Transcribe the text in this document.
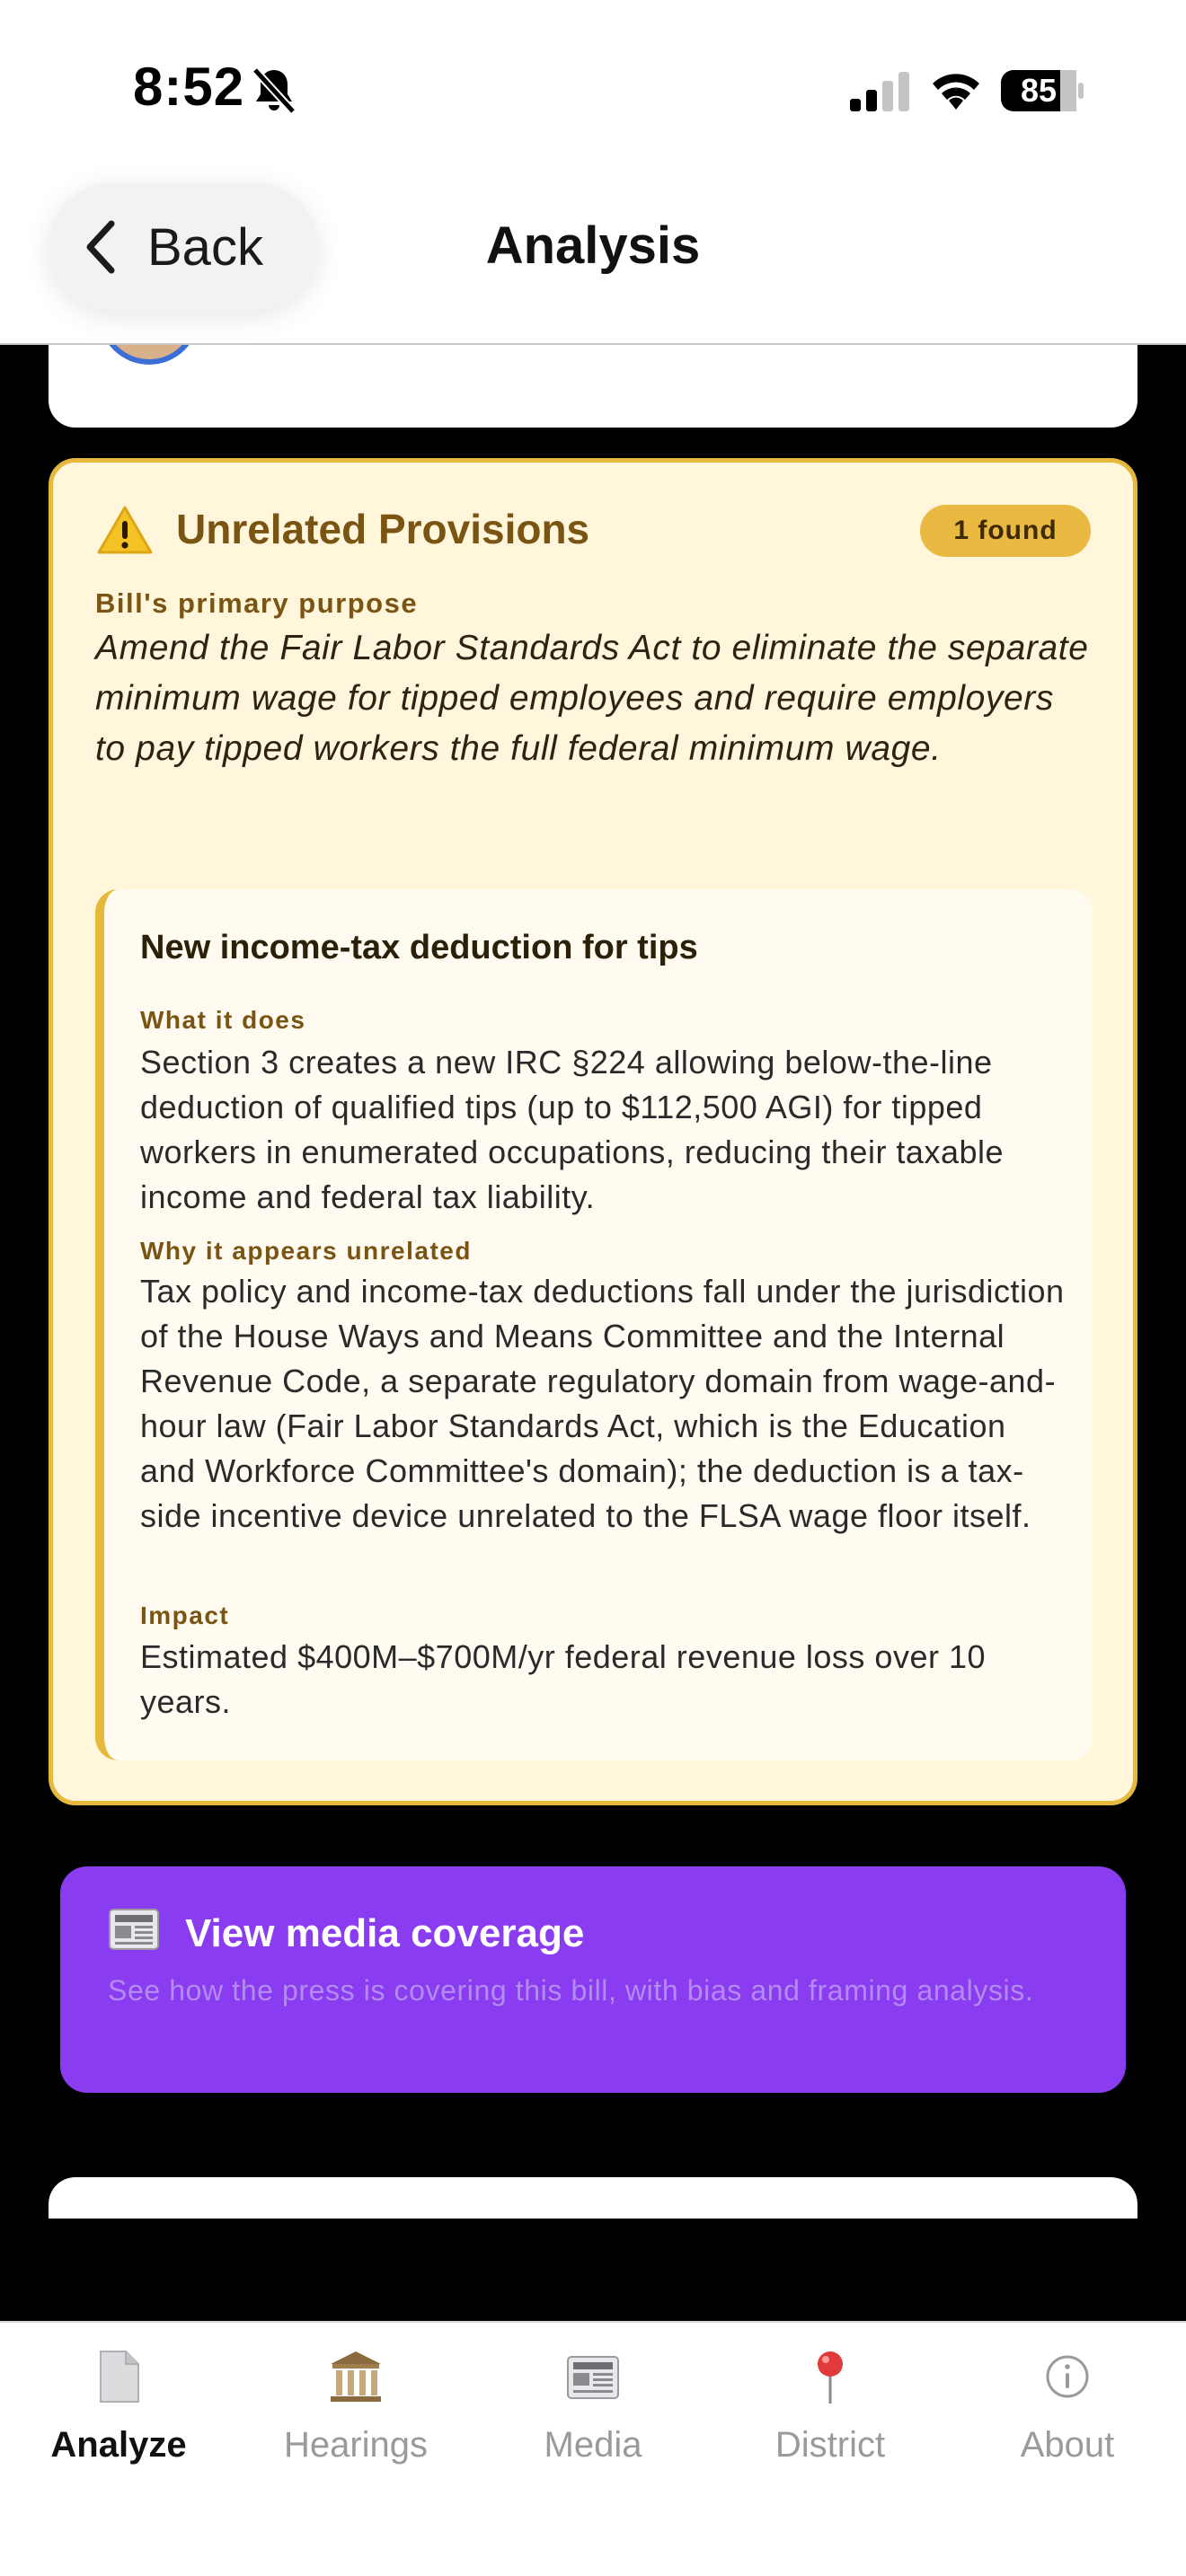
8:52	85
Back	Analysis
Unrelated Provisions	1 found
Bill's primary purpose
Amend the Fair Labor Standards Act to eliminate the separate minimum wage for tipped employees and require employers to pay tipped workers the full federal minimum wage.
New income-tax deduction for tips
What it does
Section 3 creates a new IRC §224 allowing below-the-line deduction of qualified tips (up to $112,500 AGI) for tipped workers in enumerated occupations, reducing their taxable income and federal tax liability.
Why it appears unrelated
Tax policy and income-tax deductions fall under the jurisdiction of the House Ways and Means Committee and the Internal Revenue Code, a separate regulatory domain from wage-and-hour law (Fair Labor Standards Act, which is the Education and Workforce Committee's domain); the deduction is a tax-side incentive device unrelated to the FLSA wage floor itself.
Impact
Estimated $400M–$700M/yr federal revenue loss over 10 years.
View media coverage
See how the press is covering this bill, with bias and framing analysis.
Analyze	Hearings	Media	District	About
